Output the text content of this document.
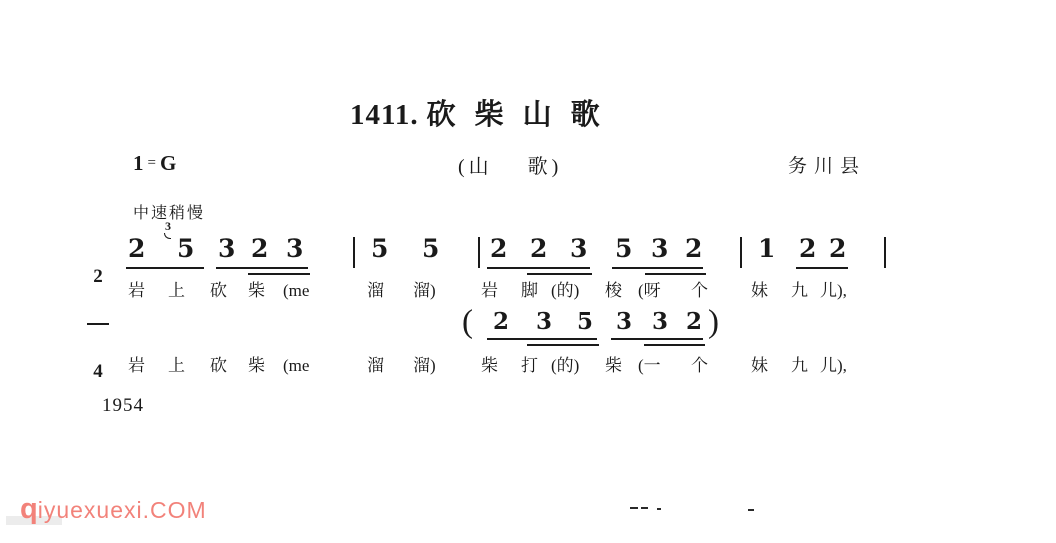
1411. 砍柴山歌
1 = G	(山 歌)	务川县
中速稍慢

2

4

2 5
3
3 2 3	5 5 2 2 3 5 3 2 1 2 2
(	)
2 3 5 3 3 2
岩 上 砍 柴 (me	溜 溜)	岩 脚 (的) 梭 (呀 个	妹 九 儿),
岩 上 砍 柴 (me	溜 溜)	柴 打 (的) 柴 (一 个	妹 九 儿),
1954
qiyuexuexi.COM
